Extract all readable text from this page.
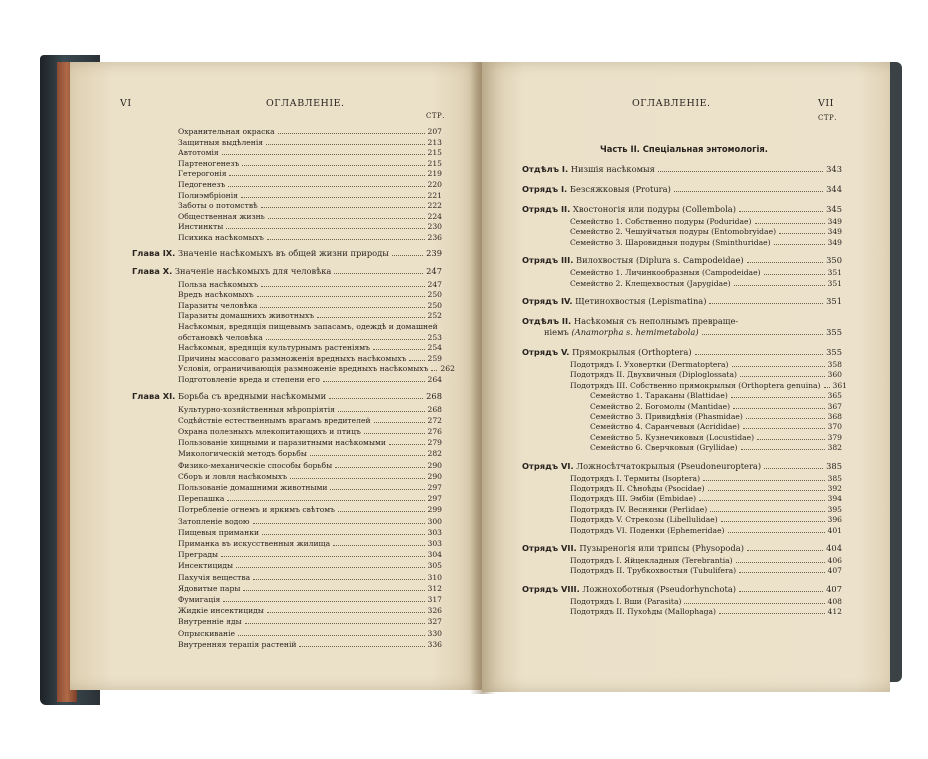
VI	ОГЛАВЛЕНІЕ.
СТР.
Охранительная окраска	207
Защитныя выдѣленія	213
Автотомія	215
Партеногенезъ	215
Гетерогонія	219
Педогенезъ	220
Полиэмбріонія	221
Заботы о потомствѣ	222
Общественная жизнь	224
Инстинкты	230
Психика насѣкомыхъ	236
Глава IX. Значеніе насѣкомыхъ въ общей жизни природы	239
Глава X. Значеніе насѣкомыхъ для человѣка	247
Польза насѣкомыхъ	247
Вредъ насѣкомыхъ	250
Паразиты человѣка	250
Паразиты домашнихъ животныхъ	252
Насѣкомыя, вредящія пищевымъ запасамъ, одеждѣ и домашней
обстановкѣ человѣка	253
Насѣкомыя, вредящія культурнымъ растеніямъ	254
Причины массоваго размноженія вредныхъ насѣкомыхъ	259
Условія, ограничивающія размноженіе вредныхъ насѣкомыхъ 262
Подготовленіе вреда и степени его	264
Глава XI. Борьба съ вредными насѣкомыми	268
Культурно-хозяйственныя мѣропріятія	268
Содѣйствіе естественнымъ врагамъ вредителей	272
Охрана полезныхъ млекопитающихъ и птицъ	276
Пользованіе хищными и паразитными насѣкомыми	279
Микологическій методъ борьбы	282
Физико-механическіе способы борьбы	290
Сборъ и ловля насѣкомыхъ	290
Пользованіе домашними животными	297
Перепашка	297
Потребленіе огнемъ и яркимъ свѣтомъ	299
Затопленіе водою	300
Пищевыя приманки	303
Приманка въ искусственныя жилища	303
Преграды	304
Инсектициды	305
Пахучія вещества	310
Ядовитые пары	312
Фумигація	317
Жидкіе инсектициды	326
Внутренніе яды	327
Опрыскиваніе	330
Внутренняя терапія растеній	336
ОГЛАВЛЕНІЕ.	VII
СТР.
Часть II. Спеціальная энтомологія.
Отдѣлъ I. Низшія насѣкомыя	343
Отрядъ I. Безсяжковыя (Protura)	344
Отрядъ II. Хвостоногія или подуры (Collembola)	345
Семейство 1. Собственно подуры (Poduridae)	349
Семейство 2. Чешуйчатыя подуры (Entomobryidae)	349
Семейство 3. Шаровидныя подуры (Sminthuridae)	349
Отрядъ III. Вилохвостыя (Diplura s. Campodeidae)	350
Семейство 1. Личинкообразныя (Campodeidae)	351
Семейство 2. Клещехвостыя (Japygidae)	351
Отрядъ IV. Щетинохвостыя (Lepismatina)	351
Отдѣлъ II. Насѣкомыя съ неполнымъ превраще-
ніемъ (Anamorpha s. hemimetabola)	355
Отрядъ V. Прямокрылыя (Orthoptera)	355
Подотрядъ I. Уховертки (Dermatoptera)	358
Подотрядъ II. Двухвичныя (Diploglossata)	360
Подотрядъ III. Собственно прямокрылыя (Orthoptera genuina) 361
Семейство 1. Тараканы (Blattidae)	365
Семейство 2. Богомолы (Mantidae)	367
Семейство 3. Привидѣнія (Phasmidae)	368
Семейство 4. Саранчевыя (Acrididae)	370
Семейство 5. Кузнечиковыя (Locustidae)	379
Семейство 6. Сверчковыя (Gryllidae)	382
Отрядъ VI. Ложносѣтчатокрылыя (Pseudoneuroptera)	385
Подотрядъ I. Термиты (Isoptera)	385
Подотрядъ II. Сѣноѣды (Psocidae)	392
Подотрядъ III. Эмбіи (Embidae)	394
Подотрядъ IV. Веснянки (Perlidae)	395
Подотрядъ V. Стрекозы (Libellulidae)	396
Подотрядъ VI. Поденки (Ephemeridae)	401
Отрядъ VII. Пузыреногія или трипсы (Physopoda)	404
Подотрядъ I. Яйцекладныя (Terebrantia)	406
Подотрядъ II. Трубкохвостыя (Tubulifera)	407
Отрядъ VIII. Ложнохоботныя (Pseudorhynchota)	407
Подотрядъ I. Вши (Parasita)	408
Подотрядъ II. Пухоѣды (Mallophaga)	412
